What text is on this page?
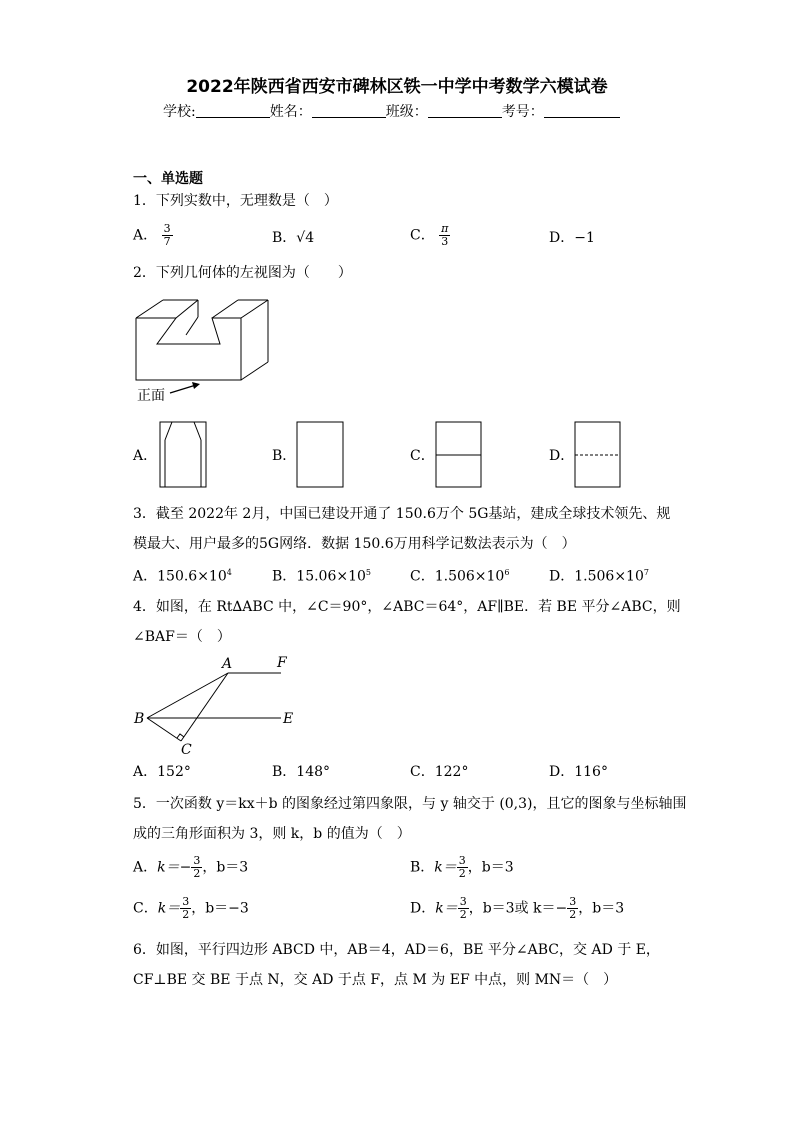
2022年陕西省西安市碑林区铁一中学中考数学六模试卷
学校:	姓名：	班级：	考号：
一、单选题
1．下列实数中，无理数是（　）
A． $\frac{3}{7}$	B．√4	C． $\frac{\pi}{3}$	D．−1
2．下列几何体的左视图为（　　）
正面
A．	B．	C．	D．
3．截至 2022年 2月，中国已建设开通了 150.6万个 5G基站，建成全球技术领先、规
模最大、用户最多的5G网络．数据 150.6万用科学记数法表示为（　）
A．$150.6\times 10^4$	B．$15.06\times 10^5$	C．$1.506\times 10^6$	D．$1.506\times 10^7$
4．如图，在 Rt∆ABC 中，∠C＝90°，∠ABC＝64°，AF∥BE．若 BE 平分∠ABC，则
∠BAF＝（　）
A	F
B	E
C
A．152°	B．148°	C．122°	D．116°
5．一次函数 y＝kx＋b 的图象经过第四象限，与 y 轴交于 (0,3)，且它的图象与坐标轴围
成的三角形面积为 3，则 k，b 的值为（　）
A．$k=- \frac{3}{2}$ ，b＝3	B．$k= \frac{3}{2}$ ，b＝3
C．$k= \frac{3}{2}$ ，b＝−3	D．$k= \frac{3}{2}$ ，b＝3或 $k=- \frac{3}{2}$ ，b＝3
6．如图，平行四边形 ABCD 中，AB＝4，AD＝6，BE 平分∠ABC，交 AD 于 E，
CF⊥BE 交 BE 于点 N，交 AD 于点 F，点 M 为 EF 中点，则 MN＝（　）
